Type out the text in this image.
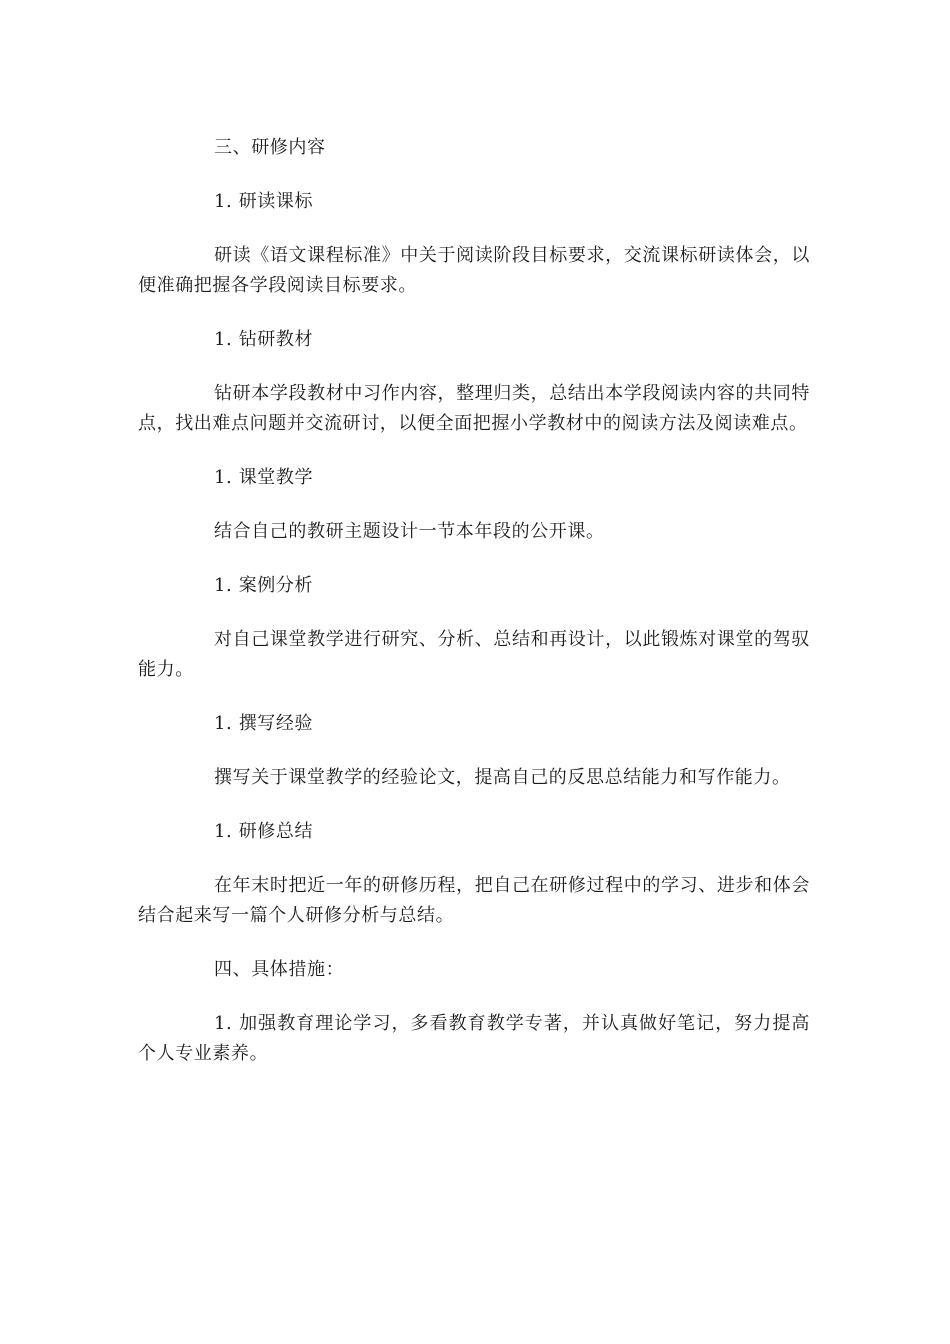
三、研修内容

1. 研读课标

研读《语文课程标准》中关于阅读阶段目标要求，交流课标研读体会，以便准确把握各学段阅读目标要求。

1. 钻研教材

钻研本学段教材中习作内容，整理归类，总结出本学段阅读内容的共同特点，找出难点问题并交流研讨，以便全面把握小学教材中的阅读方法及阅读难点。

1. 课堂教学

结合自己的教研主题设计一节本年段的公开课。

1. 案例分析

对自己课堂教学进行研究、分析、总结和再设计，以此锻炼对课堂的驾驭能力。

1. 撰写经验

撰写关于课堂教学的经验论文，提高自己的反思总结能力和写作能力。

1. 研修总结

在年末时把近一年的研修历程，把自己在研修过程中的学习、进步和体会结合起来写一篇个人研修分析与总结。

四、具体措施：

1. 加强教育理论学习，多看教育教学专著，并认真做好笔记，努力提高个人专业素养。
